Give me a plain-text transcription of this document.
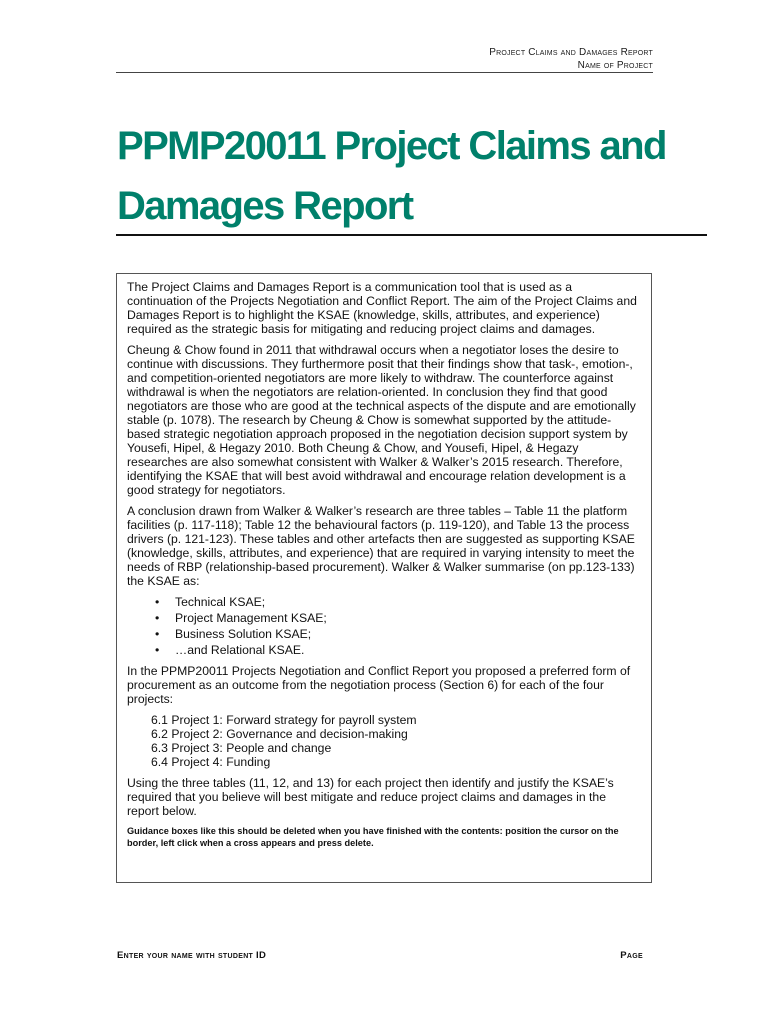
Project Claims and Damages Report
Name of Project
PPMP20011 Project Claims and Damages Report

The Project Claims and Damages Report is a communication tool that is used as a continuation of the Projects Negotiation and Conflict Report. The aim of the Project Claims and Damages Report is to highlight the KSAE (knowledge, skills, attributes, and experience) required as the strategic basis for mitigating and reducing project claims and damages.

Cheung & Chow found in 2011 that withdrawal occurs when a negotiator loses the desire to continue with discussions. They furthermore posit that their findings show that task-, emotion-, and competition-oriented negotiators are more likely to withdraw. The counterforce against withdrawal is when the negotiators are relation-oriented. In conclusion they find that good negotiators are those who are good at the technical aspects of the dispute and are emotionally stable (p. 1078). The research by Cheung & Chow is somewhat supported by the attitude-based strategic negotiation approach proposed in the negotiation decision support system by Yousefi, Hipel, & Hegazy 2010. Both Cheung & Chow, and Yousefi, Hipel, & Hegazy researches are also somewhat consistent with Walker & Walker’s 2015 research. Therefore, identifying the KSAE that will best avoid withdrawal and encourage relation development is a good strategy for negotiators.

A conclusion drawn from Walker & Walker’s research are three tables – Table 11 the platform facilities (p. 117-118); Table 12 the behavioural factors (p. 119-120), and Table 13 the process drivers (p. 121-123). These tables and other artefacts then are suggested as supporting KSAE (knowledge, skills, attributes, and experience) that are required in varying intensity to meet the needs of RBP (relationship-based procurement). Walker & Walker summarise (on pp.123-133) the KSAE as:

• Technical KSAE;
• Project Management KSAE;
• Business Solution KSAE;
• …and Relational KSAE.

In the PPMP20011 Projects Negotiation and Conflict Report you proposed a preferred form of procurement as an outcome from the negotiation process (Section 6) for each of the four projects:

6.1 Project 1: Forward strategy for payroll system
6.2 Project 2: Governance and decision-making
6.3 Project 3: People and change
6.4 Project 4: Funding

Using the three tables (11, 12, and 13) for each project then identify and justify the KSAE’s required that you believe will best mitigate and reduce project claims and damages in the report below.

Guidance boxes like this should be deleted when you have finished with the contents: position the cursor on the border, left click when a cross appears and press delete.

Enter your name with student ID	Page
